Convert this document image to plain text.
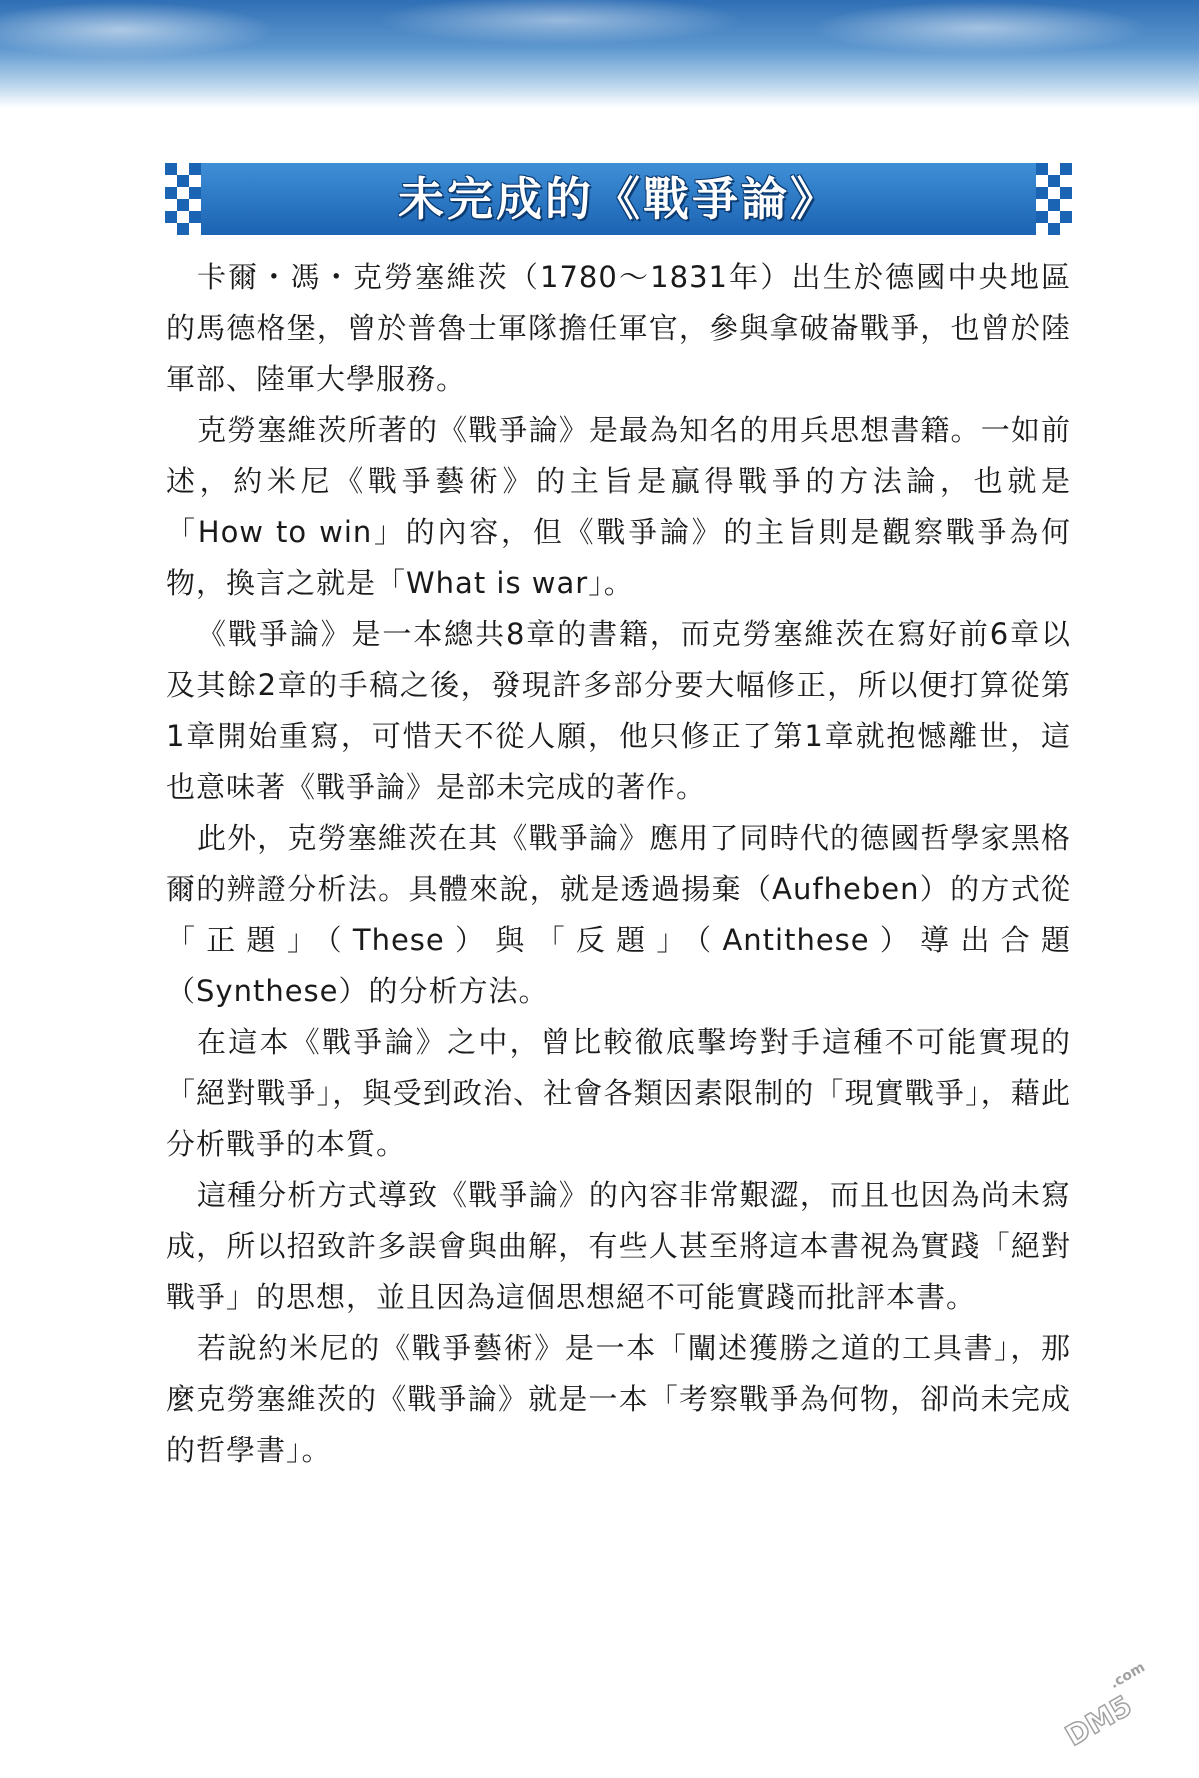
未完成的《戰爭論》

卡爾・馮・克勞塞維茨（1780～1831年）出生於德國中央地區的馬德格堡，曾於普魯士軍隊擔任軍官，參與拿破崙戰爭，也曾於陸軍部、陸軍大學服務。

克勞塞維茨所著的《戰爭論》是最為知名的用兵思想書籍。一如前述，約米尼《戰爭藝術》的主旨是贏得戰爭的方法論，也就是「How to win」的內容，但《戰爭論》的主旨則是觀察戰爭為何物，換言之就是「What is war」。

《戰爭論》是一本總共8章的書籍，而克勞塞維茨在寫好前6章以及其餘2章的手稿之後，發現許多部分要大幅修正，所以便打算從第1章開始重寫，可惜天不從人願，他只修正了第1章就抱憾離世，這也意味著《戰爭論》是部未完成的著作。

此外，克勞塞維茨在其《戰爭論》應用了同時代的德國哲學家黑格爾的辨證分析法。具體來說，就是透過揚棄（Aufheben）的方式從「正題」（These）與「反題」（Antithese）導出合題（Synthese）的分析方法。

在這本《戰爭論》之中，曾比較徹底擊垮對手這種不可能實現的「絕對戰爭」，與受到政治、社會各類因素限制的「現實戰爭」，藉此分析戰爭的本質。

這種分析方式導致《戰爭論》的內容非常艱澀，而且也因為尚未寫成，所以招致許多誤會與曲解，有些人甚至將這本書視為實踐「絕對戰爭」的思想，並且因為這個思想絕不可能實踐而批評本書。

若說約米尼的《戰爭藝術》是一本「闡述獲勝之道的工具書」，那麼克勞塞維茨的《戰爭論》就是一本「考察戰爭為何物，卻尚未完成的哲學書」。

DM5
.com
